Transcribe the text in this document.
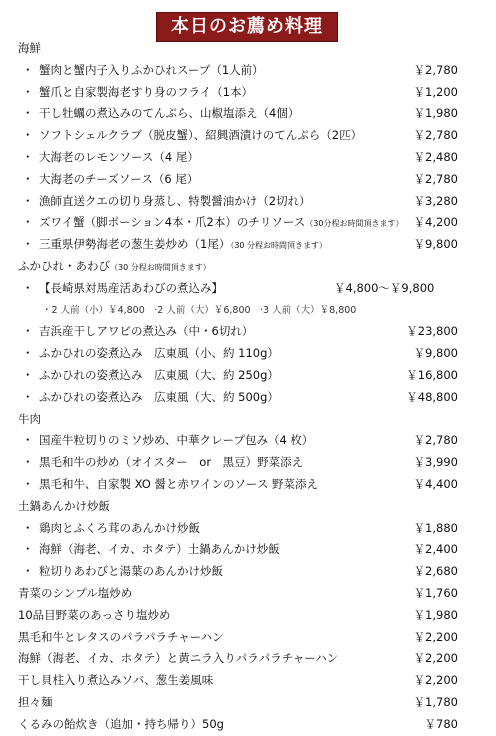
本日のお薦め料理
海鮮
・ 蟹肉と蟹内子入りふかひれスープ（1人前）	￥2,780
・ 蟹爪と自家製海老すり身のフライ（1本）	￥1,200
・ 干し牡蠣の煮込みのてんぷら、山椒塩添え（4個）	￥1,980
・ ソフトシェルクラブ（脱皮蟹）、紹興酒漬けのてんぷら（2匹）	￥2,780
・ 大海老のレモンソース（4 尾）	￥2,480
・ 大海老のチーズソース（6 尾）	￥2,780
・ 漁師直送クエの切り身蒸し、特製醤油かけ（2切れ）	￥3,280
・ ズワイ蟹（脚ポーション4本・爪2本）のチリソース（30分程お時間頂きます） ￥4,200
・ 三重県伊勢海老の葱生姜炒め（1尾）（30 分程お時間頂きます）	￥9,800
ふかひれ・あわび（30 分程お時間頂きます）
・ 【長崎県対馬産活あわびの煮込み】	￥4,800～￥9,800
・2 人前（小）￥4,800　·2 人前（大）￥6,800　·3 人前（大）￥8,800
・ 吉浜産干しアワビの煮込み（中・6切れ）	￥23,800
・ ふかひれの姿煮込み　広東風（小、約 110g）	￥9,800
・ ふかひれの姿煮込み　広東風（大、約 250g）	￥16,800
・ ふかひれの姿煮込み　広東風（大、約 500g）	￥48,800
牛肉
・ 国産牛粒切りのミソ炒め、中華クレープ包み（4 枚）	￥2,780
・ 黒毛和牛の炒め（オイスター　or　黒豆）野菜添え	￥3,990
・ 黒毛和牛、自家製 XO 醤と赤ワインのソース 野菜添え	￥4,400
土鍋あんかけ炒飯
・ 鶏肉とふくろ茸のあんかけ炒飯	￥1,880
・ 海鮮（海老、イカ、ホタテ）土鍋あんかけ炒飯	￥2,400
・ 粒切りあわびと湯葉のあんかけ炒飯	￥2,680
青菜のシンプル塩炒め	￥1,760
10品目野菜のあっさり塩炒め	￥1,980
黒毛和牛とレタスのパラパラチャーハン	￥2,200
海鮮（海老、イカ、ホタテ）と黄ニラ入りパラパラチャーハン	￥2,200
干し貝柱入り煮込みソバ、葱生姜風味	￥2,200
担々麺	￥1,780
くるみの飴炊き（追加・持ち帰り）50g	￥780
